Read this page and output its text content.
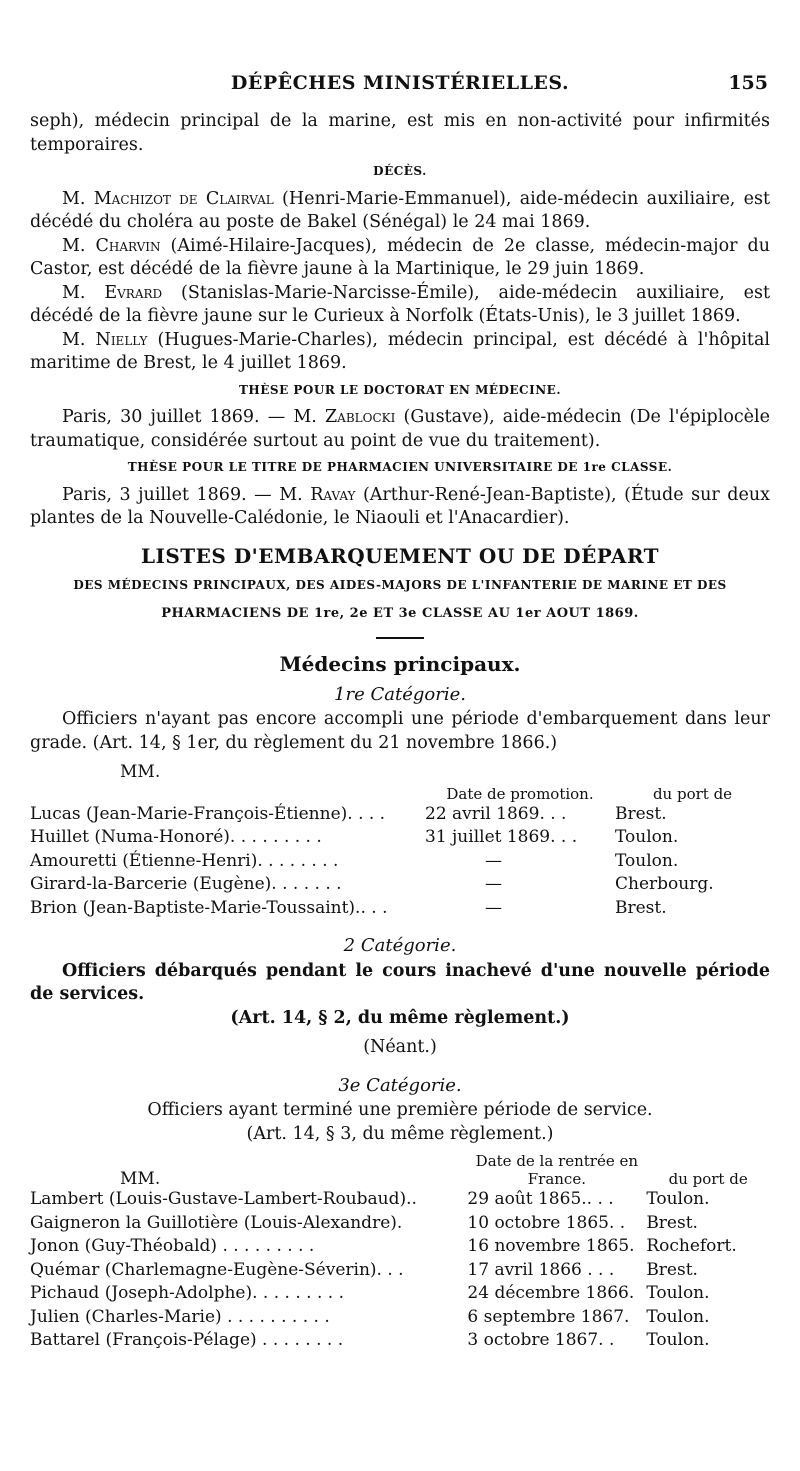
DÉPÊCHES MINISTÉRIELLES.	155

seph), médecin principal de la marine, est mis en non-activité pour infirmités temporaires.

DÉCÈS.

M. Machizot de Clairval (Henri-Marie-Emmanuel), aide-médecin auxiliaire, est décédé du choléra au poste de Bakel (Sénégal) le 24 mai 1869.

M. Charvin (Aimé-Hilaire-Jacques), médecin de 2e classe, médecin-major du Castor, est décédé de la fièvre jaune à la Martinique, le 29 juin 1869.

M. Evrard (Stanislas-Marie-Narcisse-Émile), aide-médecin auxiliaire, est décédé de la fièvre jaune sur le Curieux à Norfolk (États-Unis), le 3 juillet 1869.

M. Nielly (Hugues-Marie-Charles), médecin principal, est décédé à l'hôpital maritime de Brest, le 4 juillet 1869.

THÈSE POUR LE DOCTORAT EN MÉDECINE.

Paris, 30 juillet 1869. — M. Zablocki (Gustave), aide-médecin (De l'épiplocèle traumatique, considérée surtout au point de vue du traitement).

THÈSE POUR LE TITRE DE PHARMACIEN UNIVERSITAIRE DE 1re CLASSE.

Paris, 3 juillet 1869. — M. Ravay (Arthur-René-Jean-Baptiste), (Étude sur deux plantes de la Nouvelle-Calédonie, le Niaouli et l'Anacardier).

LISTES D'EMBARQUEMENT OU DE DÉPART
DES MÉDECINS PRINCIPAUX, DES AIDES-MAJORS DE L'INFANTERIE DE MARINE ET DES
PHARMACIENS DE 1re, 2e ET 3e CLASSE AU 1er AOUT 1869.
Médecins principaux.
1re Catégorie.

Officiers n'ayant pas encore accompli une période d'embarquement dans leur grade. (Art. 14, § 1er, du règlement du 21 novembre 1866.)

MM.
	Date de promotion.	du port de
Lucas (Jean-Marie-François-Étienne). . . .	22 avril 1869. . .	Brest.
Huillet (Numa-Honoré). . . . . . . . .	31 juillet 1869. . .	Toulon.
Amouretti (Étienne-Henri). . . . . . . .	—	Toulon.
Girard-la-Barcerie (Eugène). . . . . . .	—	Cherbourg.
Brion (Jean-Baptiste-Marie-Toussaint).. . .	—	Brest.
2 Catégorie.

Officiers débarqués pendant le cours inachevé d'une nouvelle période de services.

(Art. 14, § 2, du même règlement.)
(Néant.)
3e Catégorie.
Officiers ayant terminé une première période de service.
(Art. 14, § 3, du même règlement.)
MM.	Date de la rentrée en
France.	du port de
Lambert (Louis-Gustave-Lambert-Roubaud)..	29 août 1865.. . .	Toulon.
Gaigneron la Guillotière (Louis-Alexandre).	10 octobre 1865. .	Brest.
Jonon (Guy-Théobald) . . . . . . . . .	16 novembre 1865.	Rochefort.
Quémar (Charlemagne-Eugène-Séverin). . .	17 avril 1866 . . .	Brest.
Pichaud (Joseph-Adolphe). . . . . . . . .	24 décembre 1866.	Toulon.
Julien (Charles-Marie) . . . . . . . . . .	6 septembre 1867.	Toulon.
Battarel (François-Pélage) . . . . . . . .	3 octobre 1867. .	Toulon.
